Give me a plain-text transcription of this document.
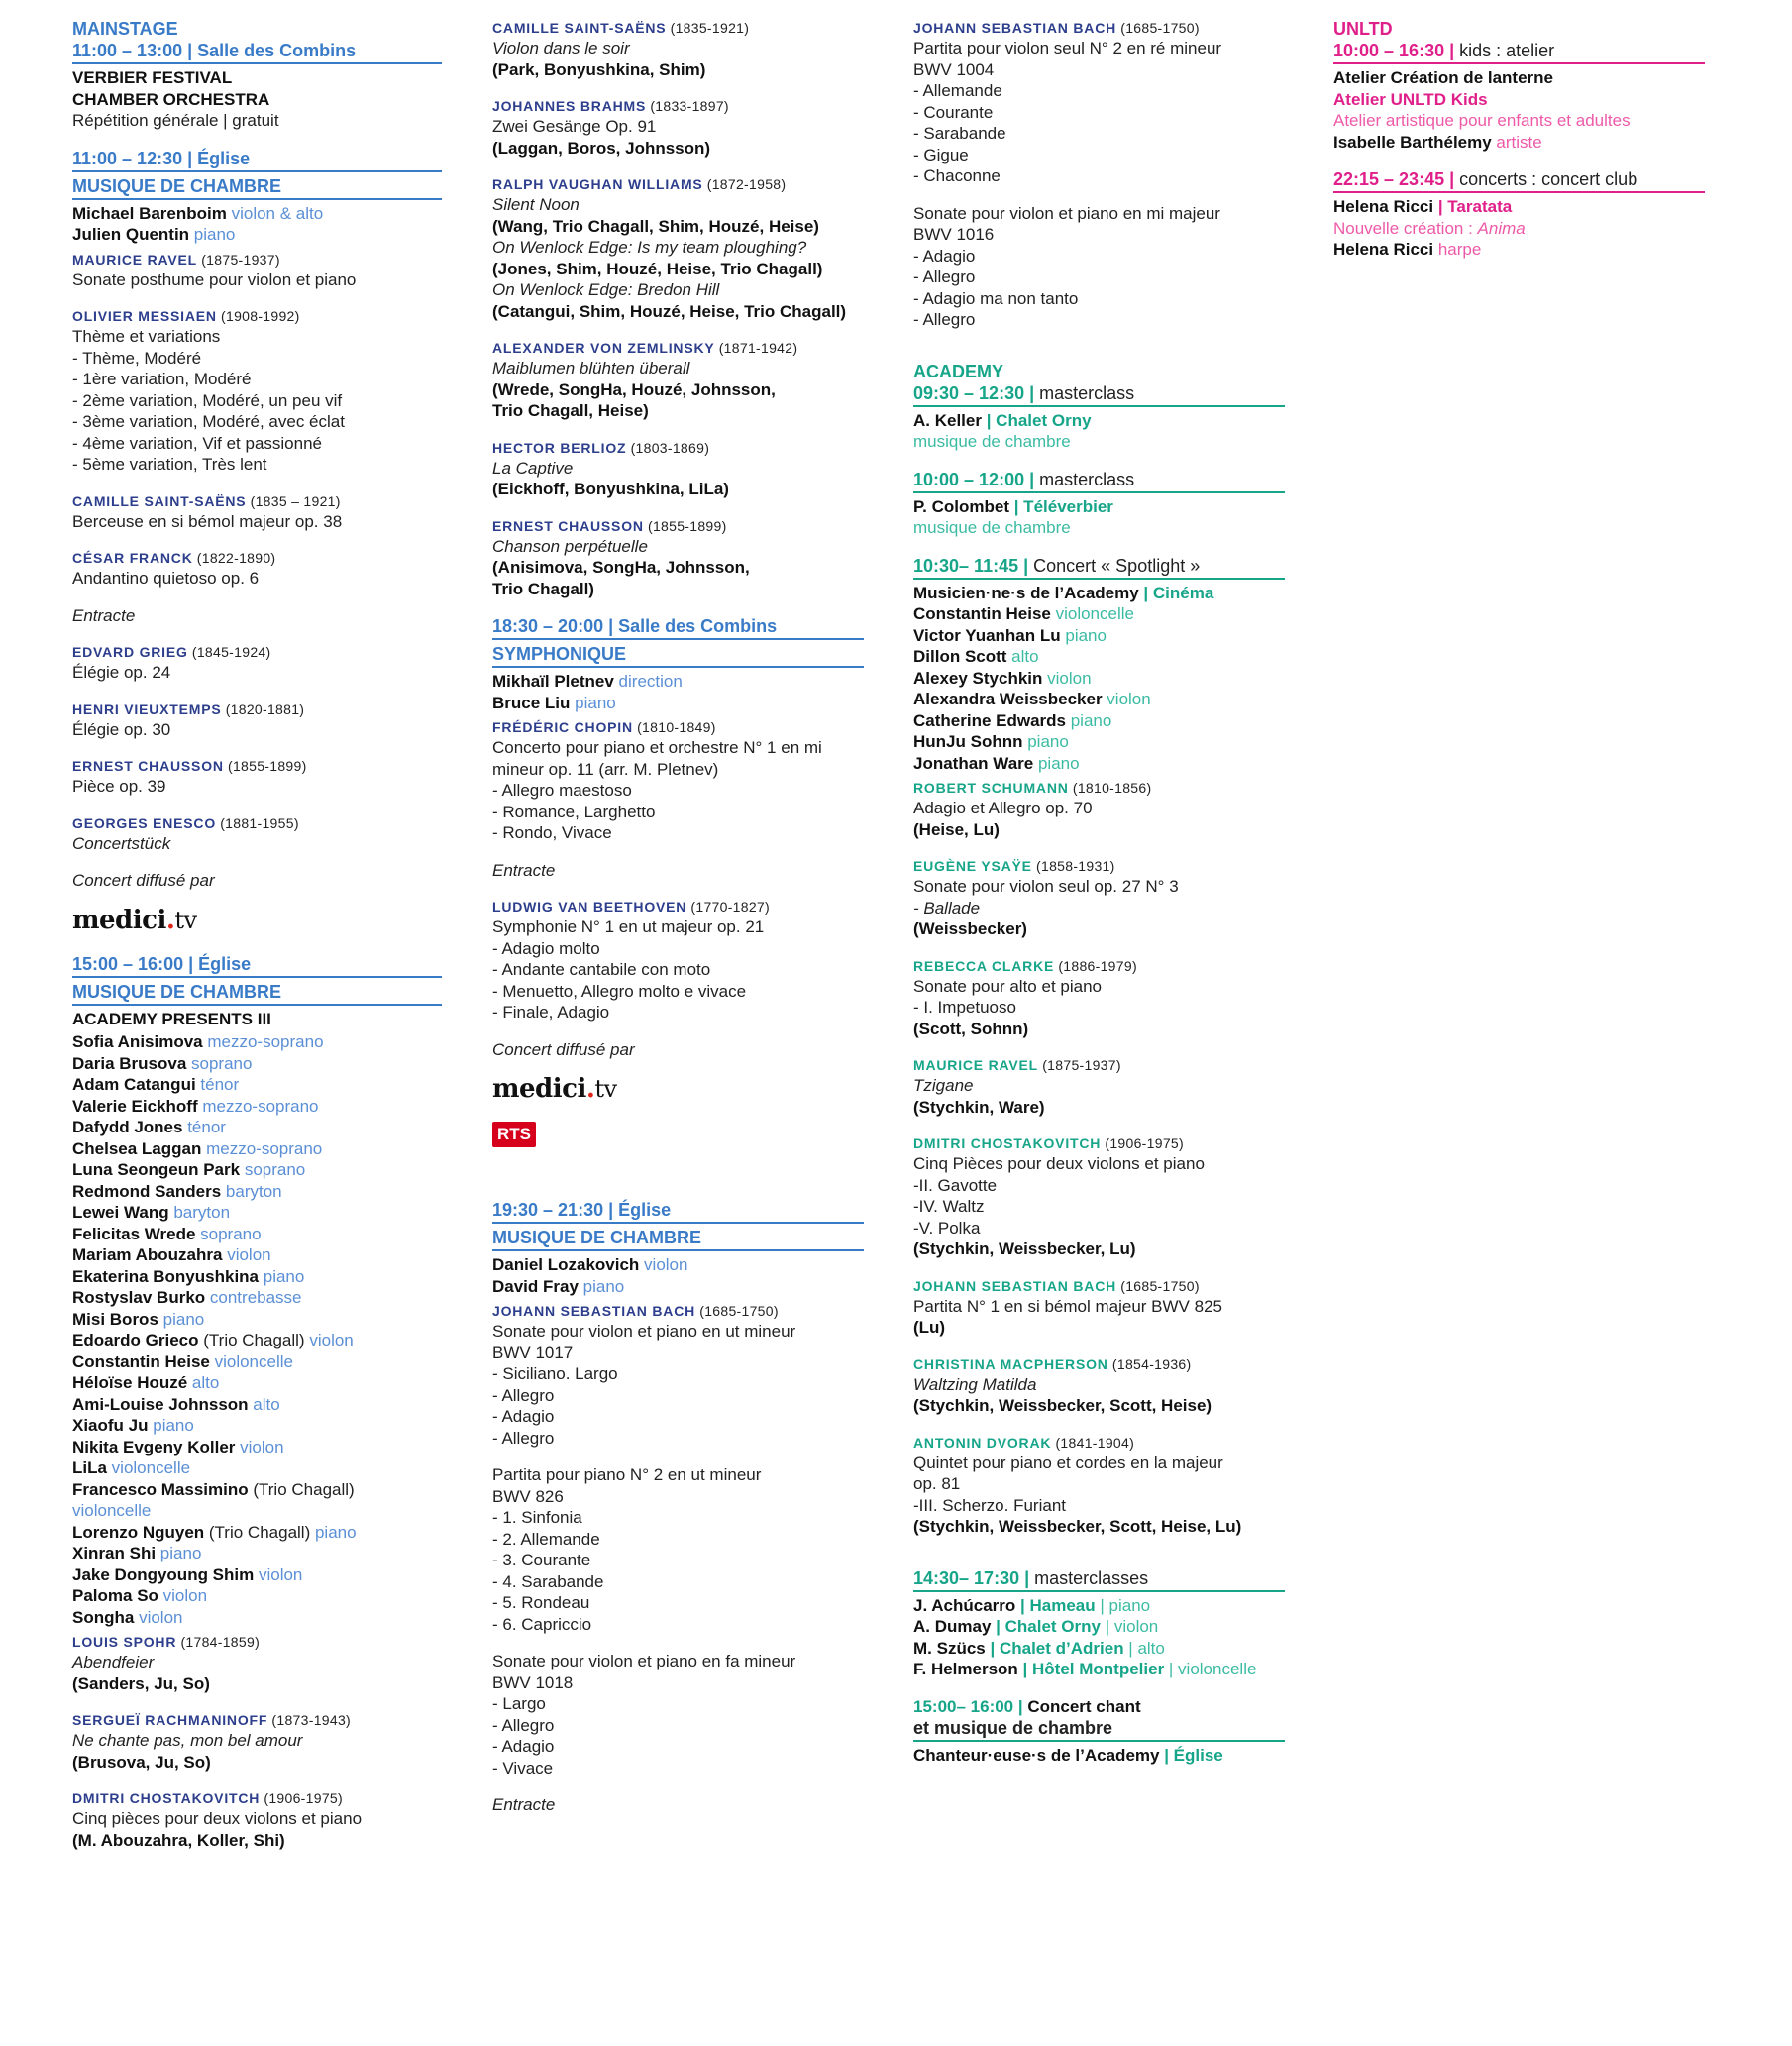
MAINSTAGE
11:00 – 13:00 | Salle des Combins
VERBIER FESTIVAL
CHAMBER ORCHESTRA
Répétition générale | gratuit
11:00 – 12:30 | Église
MUSIQUE DE CHAMBRE
Michael Barenboim violon & alto
Julien Quentin piano
MAURICE RAVEL (1875-1937)
Sonate posthume pour violon et piano
OLIVIER MESSIAEN (1908-1992)
Thème et variations
- Thème, Modéré
- 1ère variation, Modéré
- 2ème variation, Modéré, un peu vif
- 3ème variation, Modéré, avec éclat
- 4ème variation, Vif et passionné
- 5ème variation, Très lent
CAMILLE SAINT-SAËNS (1835 – 1921)
Berceuse en si bémol majeur op. 38
CÉSAR FRANCK (1822-1890)
Andantino quietoso op. 6
Entracte
EDVARD GRIEG (1845-1924)
Élégie op. 24
HENRI VIEUXTEMPS (1820-1881)
Élégie op. 30
ERNEST CHAUSSON (1855-1899)
Pièce op. 39
GEORGES ENESCO (1881-1955)
Concertstück
Concert diffusé par
medici.tv
15:00 – 16:00 | Église
MUSIQUE DE CHAMBRE
ACADEMY PRESENTS III
Sofia Anisimova mezzo-soprano
Daria Brusova soprano
Adam Catangui ténor
Valerie Eickhoff mezzo-soprano
Dafydd Jones ténor
Chelsea Laggan mezzo-soprano
Luna Seongeun Park soprano
Redmond Sanders baryton
Lewei Wang baryton
Felicitas Wrede soprano
Mariam Abouzahra violon
Ekaterina Bonyushkina piano
Rostyslav Burko contrebasse
Misi Boros piano
Edoardo Grieco (Trio Chagall) violon
Constantin Heise violoncelle
Héloïse Houzé alto
Ami-Louise Johnsson alto
Xiaofu Ju piano
Nikita Evgeny Koller violon
LiLa violoncelle
Francesco Massimino (Trio Chagall)
violoncelle
Lorenzo Nguyen (Trio Chagall) piano
Xinran Shi piano
Jake Dongyoung Shim violon
Paloma So violon
Songha violon
LOUIS SPOHR (1784-1859)
Abendfeier
(Sanders, Ju, So)
SERGUEÏ RACHMANINOFF (1873-1943)
Ne chante pas, mon bel amour
(Brusova, Ju, So)
DMITRI CHOSTAKOVITCH (1906-1975)
Cinq pièces pour deux violons et piano
(M. Abouzahra, Koller, Shi)
CAMILLE SAINT-SAËNS (1835-1921)
Violon dans le soir
(Park, Bonyushkina, Shim)
JOHANNES BRAHMS (1833-1897)
Zwei Gesänge Op. 91
(Laggan, Boros, Johnsson)
RALPH VAUGHAN WILLIAMS (1872-1958)
Silent Noon
(Wang, Trio Chagall, Shim, Houzé, Heise)
On Wenlock Edge: Is my team ploughing?
(Jones, Shim, Houzé, Heise, Trio Chagall)
On Wenlock Edge: Bredon Hill
(Catangui, Shim, Houzé, Heise, Trio Chagall)
ALEXANDER VON ZEMLINSKY (1871-1942)
Maiblumen blühten überall
(Wrede, SongHa, Houzé, Johnsson,
Trio Chagall, Heise)
HECTOR BERLIOZ (1803-1869)
La Captive
(Eickhoff, Bonyushkina, LiLa)
ERNEST CHAUSSON (1855-1899)
Chanson perpétuelle
(Anisimova, SongHa, Johnsson,
Trio Chagall)
18:30 – 20:00 | Salle des Combins
SYMPHONIQUE
Mikhaïl Pletnev direction
Bruce Liu piano
FRÉDÉRIC CHOPIN (1810-1849)
Concerto pour piano et orchestre N° 1 en mi
mineur op. 11 (arr. M. Pletnev)
- Allegro maestoso
- Romance, Larghetto
- Rondo, Vivace
Entracte
LUDWIG VAN BEETHOVEN (1770-1827)
Symphonie N° 1 en ut majeur op. 21
- Adagio molto
- Andante cantabile con moto
- Menuetto, Allegro molto e vivace
- Finale, Adagio
Concert diffusé par
medici.tv
RTS
19:30 – 21:30 | Église
MUSIQUE DE CHAMBRE
Daniel Lozakovich violon
David Fray piano
JOHANN SEBASTIAN BACH (1685-1750)
Sonate pour violon et piano en ut mineur
BWV 1017
- Siciliano. Largo
- Allegro
- Adagio
- Allegro
Partita pour piano N° 2 en ut mineur
BWV 826
- 1. Sinfonia
- 2. Allemande
- 3. Courante
- 4. Sarabande
- 5. Rondeau
- 6. Capriccio
Sonate pour violon et piano en fa mineur
BWV 1018
- Largo
- Allegro
- Adagio
- Vivace
Entracte
JOHANN SEBASTIAN BACH (1685-1750)
Partita pour violon seul N° 2 en ré mineur
BWV 1004
- Allemande
- Courante
- Sarabande
- Gigue
- Chaconne
Sonate pour violon et piano en mi majeur
BWV 1016
- Adagio
- Allegro
- Adagio ma non tanto
- Allegro
ACADEMY
09:30 – 12:30 | masterclass
A. Keller | Chalet Orny
musique de chambre
10:00 – 12:00 | masterclass
P. Colombet | Téléverbier
musique de chambre
10:30– 11:45 | Concert « Spotlight »
Musicien·ne·s de l’Academy | Cinéma
Constantin Heise violoncelle
Victor Yuanhan Lu piano
Dillon Scott alto
Alexey Stychkin violon
Alexandra Weissbecker violon
Catherine Edwards piano
HunJu Sohnn piano
Jonathan Ware piano
ROBERT SCHUMANN (1810-1856)
Adagio et Allegro op. 70
(Heise, Lu)
EUGÈNE YSAŸE (1858-1931)
Sonate pour violon seul op. 27 N° 3
- Ballade
(Weissbecker)
REBECCA CLARKE (1886-1979)
Sonate pour alto et piano
- I. Impetuoso
(Scott, Sohnn)
MAURICE RAVEL (1875-1937)
Tzigane
(Stychkin, Ware)
DMITRI CHOSTAKOVITCH (1906-1975)
Cinq Pièces pour deux violons et piano
-II. Gavotte
-IV. Waltz
-V. Polka
(Stychkin, Weissbecker, Lu)
JOHANN SEBASTIAN BACH (1685-1750)
Partita N° 1 en si bémol majeur BWV 825
(Lu)
CHRISTINA MACPHERSON (1854-1936)
Waltzing Matilda
(Stychkin, Weissbecker, Scott, Heise)
ANTONIN DVORAK (1841-1904)
Quintet pour piano et cordes en la majeur
op. 81
-III. Scherzo. Furiant
(Stychkin, Weissbecker, Scott, Heise, Lu)
14:30– 17:30 | masterclasses
J. Achúcarro | Hameau | piano
A. Dumay | Chalet Orny | violon
M. Szücs | Chalet d’Adrien | alto
F. Helmerson | Hôtel Montpelier | violoncelle
15:00– 16:00 | Concert chant
et musique de chambre
Chanteur·euse·s de l’Academy | Église
UNLTD
10:00 – 16:30 | kids : atelier
Atelier Création de lanterne
Atelier UNLTD Kids
Atelier artistique pour enfants et adultes
Isabelle Barthélemy artiste
22:15 – 23:45 | concerts : concert club
Helena Ricci | Taratata
Nouvelle création : Anima
Helena Ricci harpe
